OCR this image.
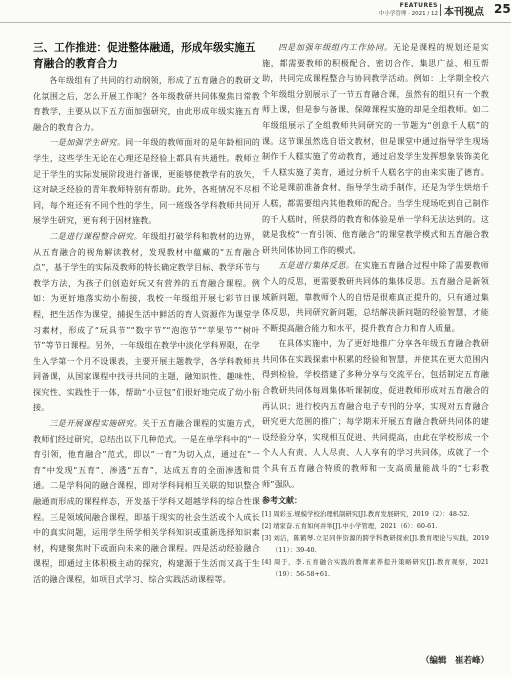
FEATURES
中小学管理 · 2021 / 12 本刊视点 25
三、工作推进：促进整体融通，形成年级实施五育融合的教育合力

各年级组有了共同的行动纲领，形成了五育融合的教研文化氛围之后，怎么开展工作呢？各年级教研共同体聚焦日常教育教学，主要从以下五方面加强研究，由此形成年级实施五育融合的教育合力。

一是加强学生研究。同一年级的教师面对的是年龄相同的学生，这些学生无论在心理还是经验上都具有共通性。教师立足于学生的实际发展阶段进行备课，更能够使教学有的放矢，这对缺乏经验的青年教师特别有帮助。此外，各班情况不尽相同，每个班还有不同个性的学生，同一班级各学科教师共同开展学生研究，更有利于因材施教。

二是进行课程整合研究。年级组打破学科和教材的边界，从五育融合的视角解读教材，发现教材中蕴藏的“五育融合点”，基于学生的实际及教师的特长确定教学目标、教学环节与教学方法，为孩子们创造好玩又有营养的五育融合课程。例如：为更好地落实幼小衔接，我校一年级组开展七彩节日课程，把生活作为课堂，捕捉生活中鲜活的育人资源作为课堂学习素材，形成了“玩具节”“数字节”“泡泡节”“苹果节”“树叶节”等节日课程。另外，一年级组在教学中淡化学科界限，在学生入学第一个月不设课表，主要开展主题教学，各学科教师共同备课，从国家课程中找寻共同的主题，融知识性、趣味性、探究性、实践性于一体，帮助“小豆包”们很好地完成了幼小衔接。

三是开展课程实施研究。关于五育融合课程的实施方式，教师们经过研究，总结出以下几种范式。一是在单学科中的“一育引领，他育融合”范式，即以“一育”为切入点，通过在“一育”中发现“五育”、渗透“五育”，达成五育的全面渗透和贯通。二是学科间的融合课程，即对学科间相互关联的知识整合融通而形成的课程样态，开发基于学科又超越学科的综合性课程。三是领域间融合课程，即基于现实的社会生活或个人成长中的真实问题，运用学生所学相关学科知识或重新选择知识素材，构建聚焦时下或面向未来的融合课程。四是活动经验融合课程，即通过主体积极主动的探究，构建源于生活而又高于生活的融合课程，如项目式学习、综合实践活动课程等。

四是加强年级组内工作协同。无论是课程的规划还是实施，都需要教师的积极配合、密切合作、集思广益、相互帮助，共同完成课程整合与协同教学活动。例如：上学期全校六个年级组分别展示了一节五育融合课，虽然有的组只有一个教师上课，但是参与备课、保障课程实施的却是全组教师。如二年级组展示了全组教师共同研究的一节题为“创意千人糕”的课。这节课虽然选自语文教材，但是课堂中通过指导学生现场制作千人糕实施了劳动教育，通过启发学生发挥想象装饰美化千人糕实施了美育，通过分析千人糕名字的由来实施了德育。不论是课前准备食材、指导学生动手制作，还是为学生烘焙千人糕，都需要组内其他教师的配合。当学生现场吃到自己制作的千人糕时，所获得的教育和体验是单一学科无法达到的。这就是我校“一育引领、他育融合”的课堂教学模式和五育融合教研共同体协同工作的模式。

五是进行集体反思。在实施五育融合过程中除了需要教师个人的反思，更需要教研共同体的集体反思。五育融合是新领域新问题，靠教师个人的自悟是很难真正提升的，只有通过集体反思，共同研究新问题，总结解决新问题的经验智慧，才能不断提高融合能力和水平，提升教育合力和育人质量。

在具体实施中，为了更好地推广分享各年级五育融合教研共同体在实践探索中积累的经验和智慧，并使其在更大范围内得到检验，学校搭建了多种分享与交流平台，包括制定五育融合教研共同体每周集体听课制度，促进教师形成对五育融合的再认识；进行校内五育融合电子专刊的分享，实现对五育融合研究更大范围的推广；每学期末开展五育融合教研共同体的建设经验分享，实现相互促进、共同提高，由此在学校形成一个个人人有责、人人尽责、人人享有的学习共同体，成就了一个个具有五育融合特质的教师和一支高质量能战斗的“七彩教师”强队。

参考文献：
[1] 周彩玉.规模学校治理机制研究[J].教育发展研究，2019（2）：48-52.
[2] 靖家奋.五育如何并举[J].中小学管理，2021（6）：60-61.
[3] 刘洁，陈鹤琴.立足同伴资源的跨学科教研探索[J].教育理论与实践，2019（11）：39-40.
[4] 周于，李.五育融合实践的教师素养提升策略研究[J].教育观察，2021（19）：56-58+61.
（编辑　崔若峰）
